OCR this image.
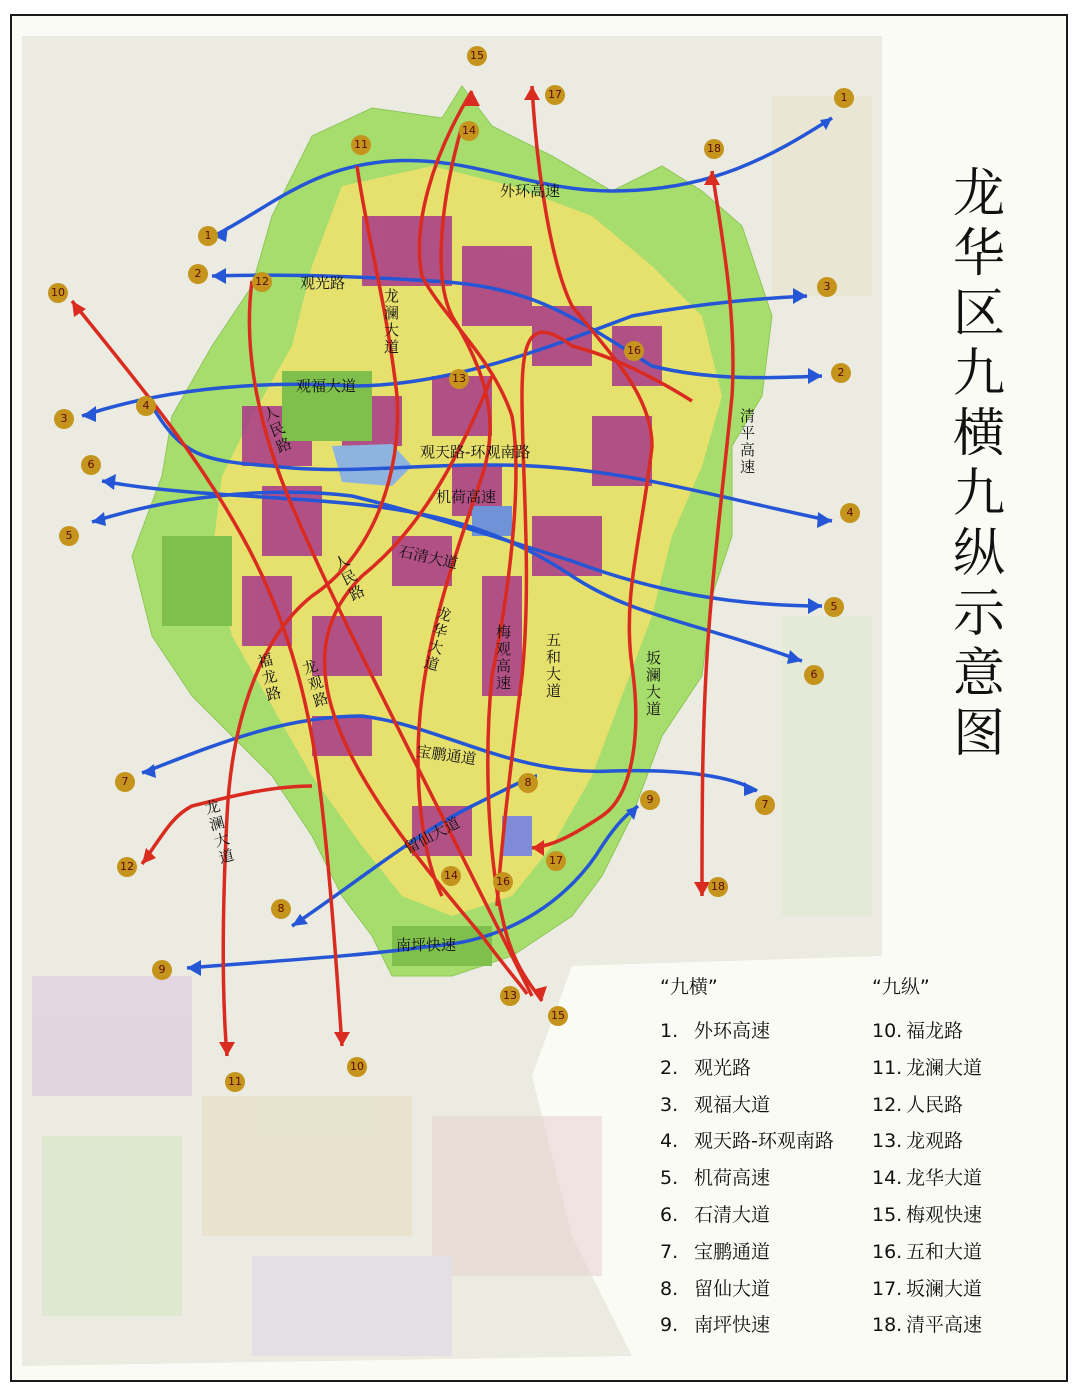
外环高速
观光路
观福大道
观天路-环观南路
机荷高速
石清大道
宝鹏通道
留仙大道
南坪快速
龙澜大道
人民路
人民路
龙华大道
梅观高速
五和大道
坂澜大道
清平高速
福龙路
龙观路
龙澜大道
1
1
2
2
3
3
4
4
5
5
6
6
7
7
8
8
9
9
10
10
11
11
12
12
13
13
14
14
15
15
16
16
17
17
18
18
龙华区九横九纵示意图
“九横”
1. 外环高速
2. 观光路
3. 观福大道
4. 观天路-环观南路
5. 机荷高速
6. 石清大道
7. 宝鹏通道
8. 留仙大道
9. 南坪快速
“九纵”
10. 福龙路
11. 龙澜大道
12. 人民路
13. 龙观路
14. 龙华大道
15. 梅观快速
16. 五和大道
17. 坂澜大道
18. 清平高速
